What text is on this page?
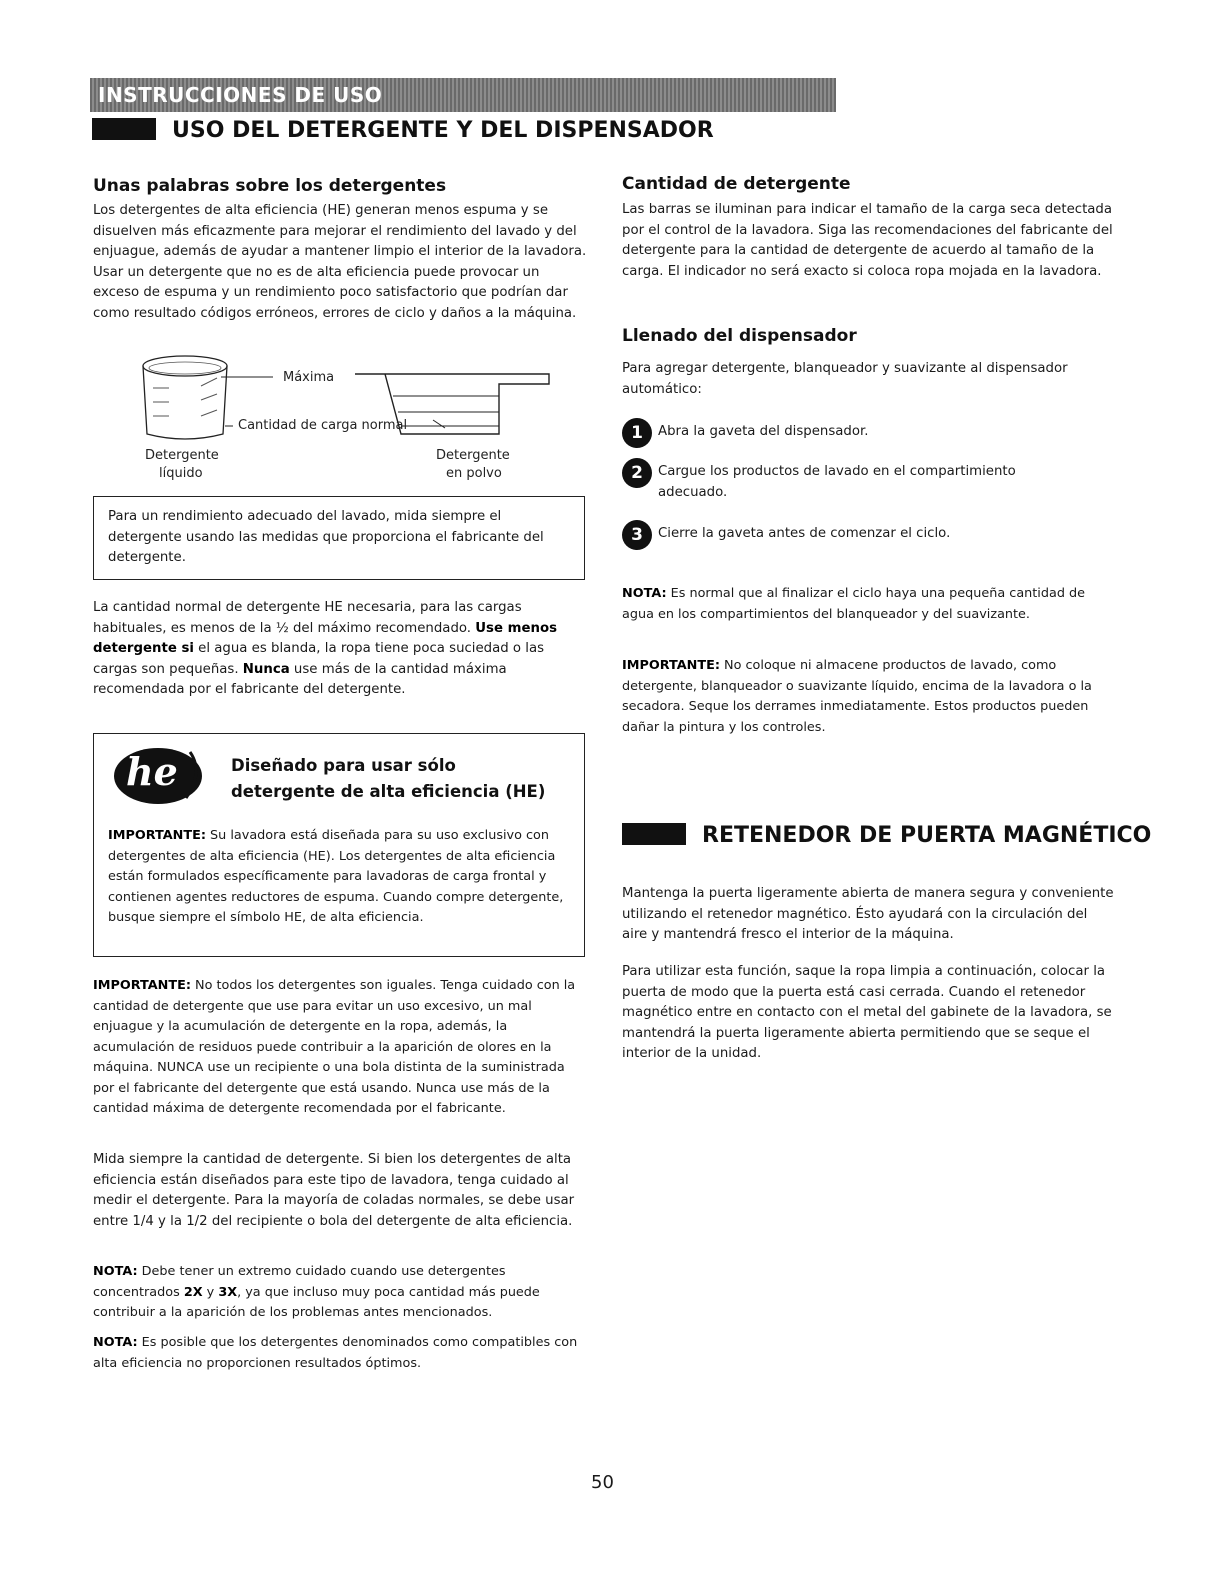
INSTRUCCIONES DE USO
USO DEL DETERGENTE Y DEL DISPENSADOR
Unas palabras sobre los detergentes
Los detergentes de alta eficiencia (HE) generan menos espuma y se disuelven más eficazmente para mejorar el rendimiento del lavado y del enjuague, además de ayudar a mantener limpio el interior de la lavadora. Usar un detergente que no es de alta eficiencia puede provocar un exceso de espuma y un rendimiento poco satisfactorio que podrían dar como resultado códigos erróneos, errores de ciclo y daños a la máquina.
Máxima
Cantidad de carga normal
Detergente
líquido
Detergente
en polvo
Para un rendimiento adecuado del lavado, mida siempre el detergente usando las medidas que proporciona el fabricante del detergente.
La cantidad normal de detergente HE necesaria, para las cargas habituales, es menos de la ½ del máximo recomendado. Use menos detergente si el agua es blanda, la ropa tiene poca suciedad o las cargas son pequeñas. Nunca use más de la cantidad máxima recomendada por el fabricante del detergente.
he	Diseñado para usar sólo
detergente de alta eficiencia (HE)
IMPORTANTE: Su lavadora está diseñada para su uso exclusivo con detergentes de alta eficiencia (HE). Los detergentes de alta eficiencia están formulados específicamente para lavadoras de carga frontal y contienen agentes reductores de espuma. Cuando compre detergente, busque siempre el símbolo HE, de alta eficiencia.
IMPORTANTE: No todos los detergentes son iguales. Tenga cuidado con la cantidad de detergente que use para evitar un uso excesivo, un mal enjuague y la acumulación de detergente en la ropa, además, la acumulación de residuos puede contribuir a la aparición de olores en la máquina. NUNCA use un recipiente o una bola distinta de la suministrada por el fabricante del detergente que está usando. Nunca use más de la cantidad máxima de detergente recomendada por el fabricante.
Mida siempre la cantidad de detergente. Si bien los detergentes de alta eficiencia están diseñados para este tipo de lavadora, tenga cuidado al medir el detergente. Para la mayoría de coladas normales, se debe usar entre 1/4 y la 1/2 del recipiente o bola del detergente de alta eficiencia.
NOTA: Debe tener un extremo cuidado cuando use detergentes concentrados 2X y 3X, ya que incluso muy poca cantidad más puede contribuir a la aparición de los problemas antes mencionados.
NOTA: Es posible que los detergentes denominados como compatibles con alta eficiencia no proporcionen resultados óptimos.
Cantidad de detergente
Las barras se iluminan para indicar el tamaño de la carga seca detectada por el control de la lavadora. Siga las recomendaciones del fabricante del detergente para la cantidad de detergente de acuerdo al tamaño de la carga. El indicador no será exacto si coloca ropa mojada en la lavadora.
Llenado del dispensador
Para agregar detergente, blanqueador y suavizante al dispensador automático:
1	Abra la gaveta del dispensador.
2	Cargue los productos de lavado en el compartimiento adecuado.
3	Cierre la gaveta antes de comenzar el ciclo.
NOTA: Es normal que al finalizar el ciclo haya una pequeña cantidad de agua en los compartimientos del blanqueador y del suavizante.
IMPORTANTE: No coloque ni almacene productos de lavado, como detergente, blanqueador o suavizante líquido, encima de la lavadora o la secadora. Seque los derrames inmediatamente. Estos productos pueden dañar la pintura y los controles.
RETENEDOR DE PUERTA MAGNÉTICO
Mantenga la puerta ligeramente abierta de manera segura y conveniente utilizando el retenedor magnético. Ésto ayudará con la circulación del aire y mantendrá fresco el interior de la máquina.
Para utilizar esta función, saque la ropa limpia a continuación, colocar la puerta de modo que la puerta está casi cerrada. Cuando el retenedor magnético entre en contacto con el metal del gabinete de la lavadora, se mantendrá la puerta ligeramente abierta permitiendo que se seque el interior de la unidad.
50
